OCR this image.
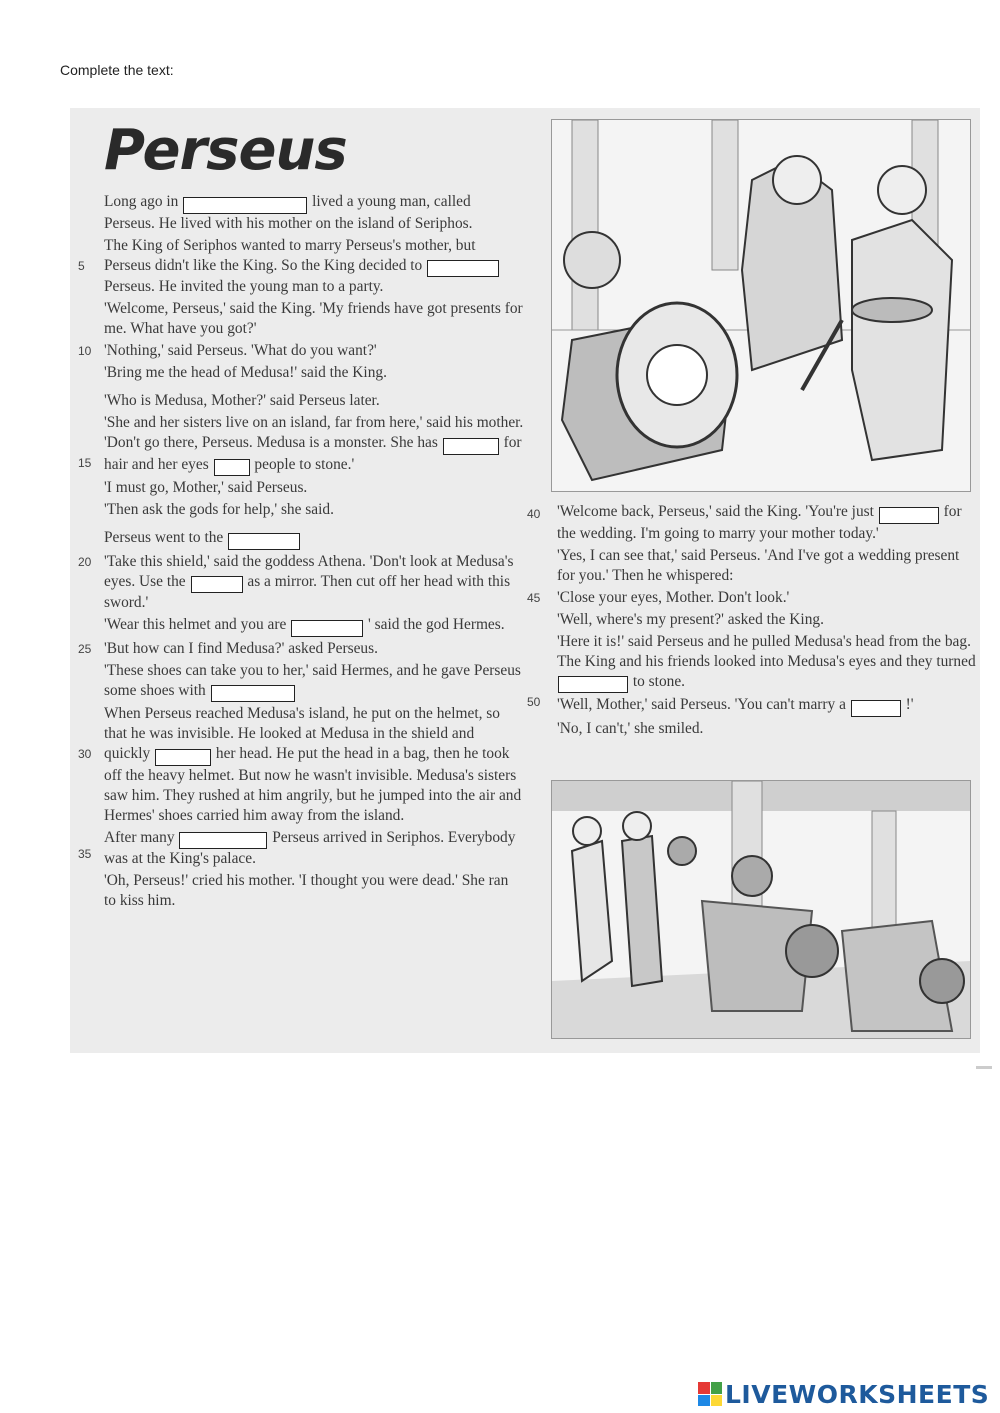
Complete the text:
Perseus

Long ago in	lived a young man, called Perseus. He lived with his mother on the island of Seriphos.

5
The King of Seriphos wanted to marry Perseus's mother, but Perseus didn't like the King. So the King decided to  Perseus. He invited the young man to a party.

'Welcome, Perseus,' said the King. 'My friends have got presents for me. What have you got?'

10 'Nothing,' said Perseus. 'What do you want?'

'Bring me the head of Medusa!' said the King.

'Who is Medusa, Mother?' said Perseus later.

15
'She and her sisters live on an island, far from here,' said his mother. 'Don't go there, Perseus. Medusa is a monster. She has	for hair and her eyes	people to stone.'

'I must go, Mother,' said Perseus.

'Then ask the gods for help,' she said.

Perseus went to the

20 'Take this shield,' said the goddess Athena. 'Don't look at Medusa's eyes. Use the	as a mirror. Then cut off her head with this sword.'

'Wear this helmet and you are	' said the god Hermes.

25 'But how can I find Medusa?' asked Perseus.

'These shoes can take you to her,' said Hermes, and he gave Perseus some shoes with

30
35
When Perseus reached Medusa's island, he put on the helmet, so that he was invisible. He looked at Medusa in the shield and quickly	her head. He put the head in a bag, then he took off the heavy helmet. But now he wasn't invisible. Medusa's sisters saw him. They rushed at him angrily, but he jumped into the air and Hermes' shoes carried him away from the island.

After many	Perseus arrived in Seriphos. Everybody was at the King's palace.

'Oh, Perseus!' cried his mother. 'I thought you were dead.' She ran to kiss him.

40 'Welcome back, Perseus,' said the King. 'You're just	for the wedding. I'm going to marry your mother today.'

'Yes, I can see that,' said Perseus. 'And I've got a wedding present for you.' Then he whispered:

45 'Close your eyes, Mother. Don't look.'

'Well, where's my present?' asked the King.

50
'Here it is!' said Perseus and he pulled Medusa's head from the bag. The King and his friends looked into Medusa's eyes and they turned  to stone.

'Well, Mother,' said Perseus. 'You can't marry a	!'

'No, I can't,' she smiled.

LIVEWORKSHEETS
